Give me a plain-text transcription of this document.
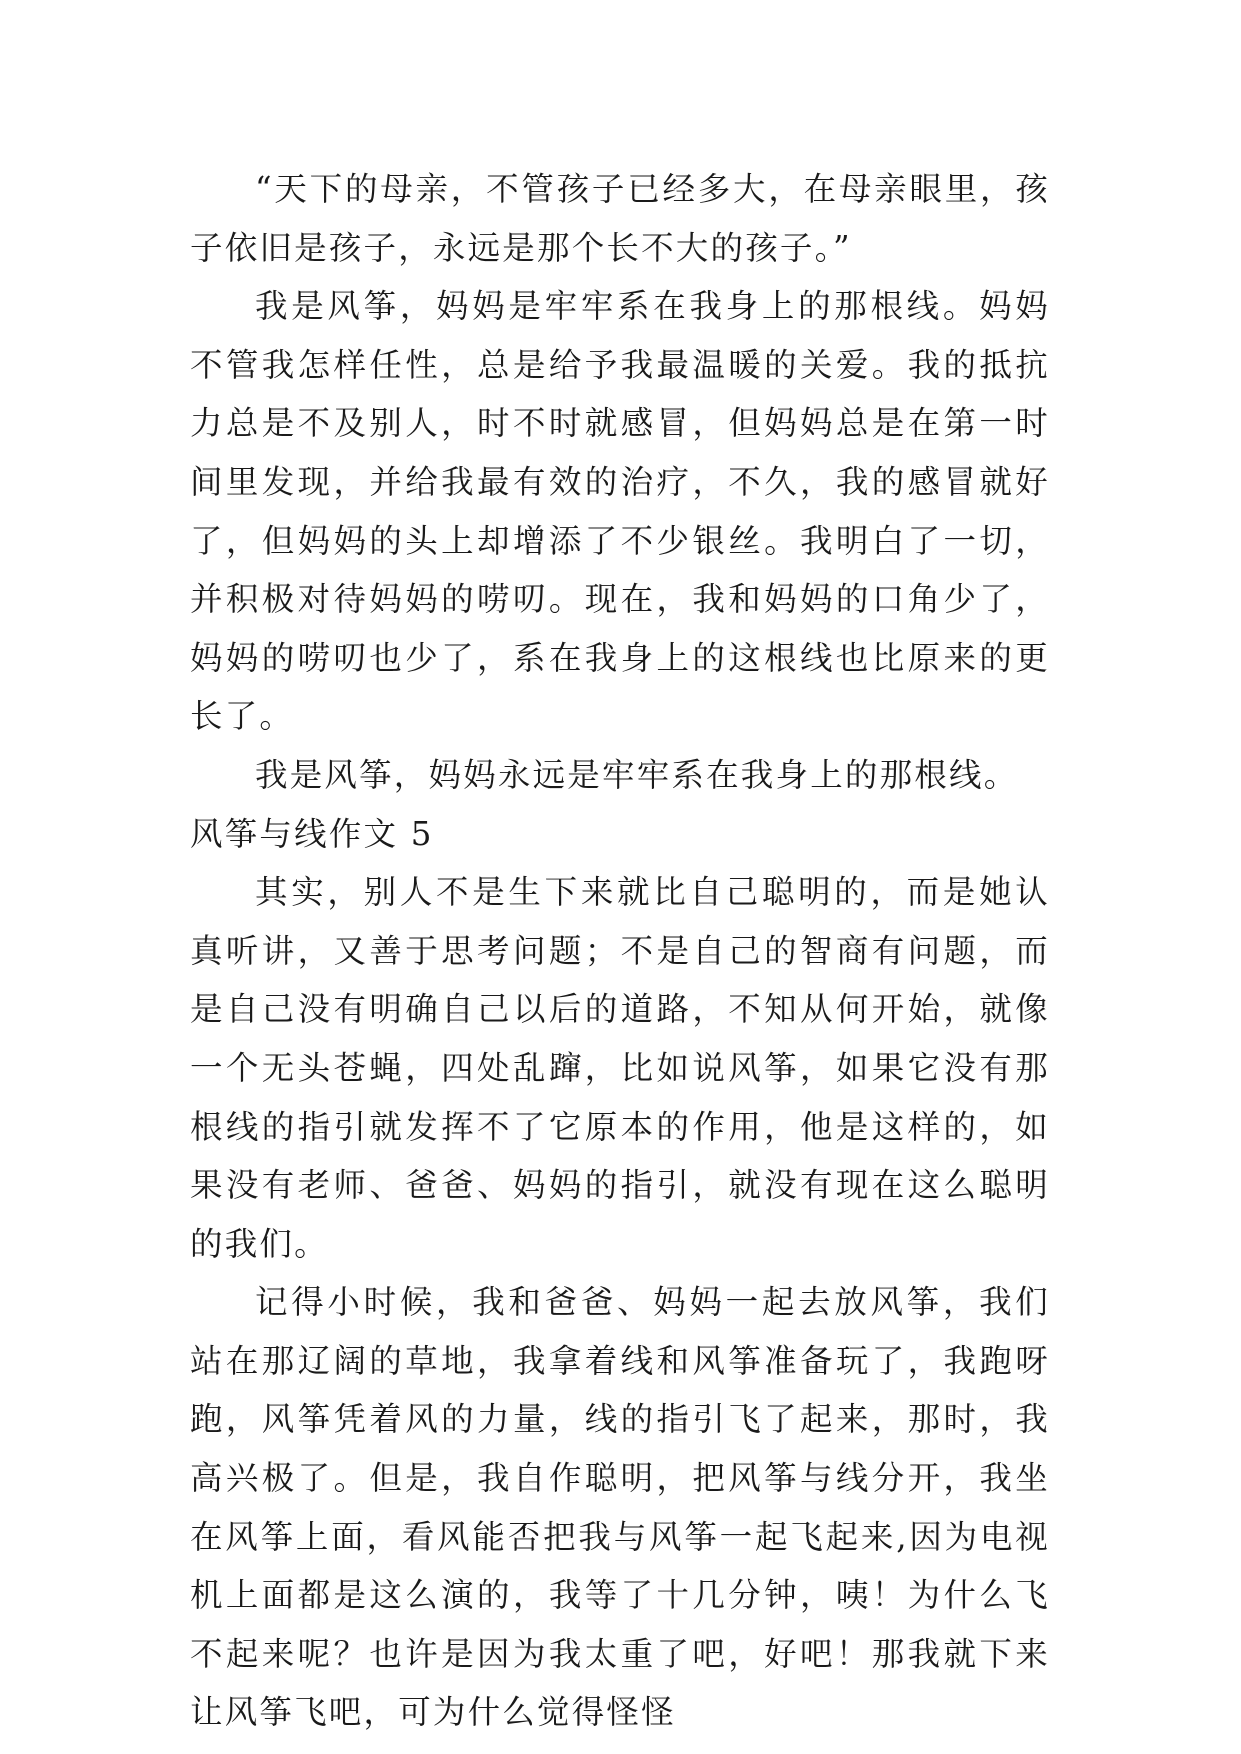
“天下的母亲，不管孩子已经多大，在母亲眼里，孩子依旧是孩子，永远是那个长不大的孩子。”

我是风筝，妈妈是牢牢系在我身上的那根线。妈妈不管我怎样任性，总是给予我最温暖的关爱。我的抵抗力总是不及别人，时不时就感冒，但妈妈总是在第一时间里发现，并给我最有效的治疗，不久，我的感冒就好了，但妈妈的头上却增添了不少银丝。我明白了一切，并积极对待妈妈的唠叨。现在，我和妈妈的口角少了，妈妈的唠叨也少了，系在我身上的这根线也比原来的更长了。

我是风筝，妈妈永远是牢牢系在我身上的那根线。

风筝与线作文 5

其实，别人不是生下来就比自己聪明的，而是她认真听讲，又善于思考问题；不是自己的智商有问题，而是自己没有明确自己以后的道路，不知从何开始，就像一个无头苍蝇，四处乱蹿，比如说风筝，如果它没有那根线的指引就发挥不了它原本的作用，他是这样的，如果没有老师、爸爸、妈妈的指引，就没有现在这么聪明的我们。

记得小时候，我和爸爸、妈妈一起去放风筝，我们站在那辽阔的草地，我拿着线和风筝准备玩了，我跑呀跑，风筝凭着风的力量，线的指引飞了起来，那时，我高兴极了。但是，我自作聪明，把风筝与线分开，我坐在风筝上面，看风能否把我与风筝一起飞起来,因为电视机上面都是这么演的，我等了十几分钟，咦！为什么飞不起来呢？也许是因为我太重了吧，好吧！那我就下来让风筝飞吧，可为什么觉得怪怪
